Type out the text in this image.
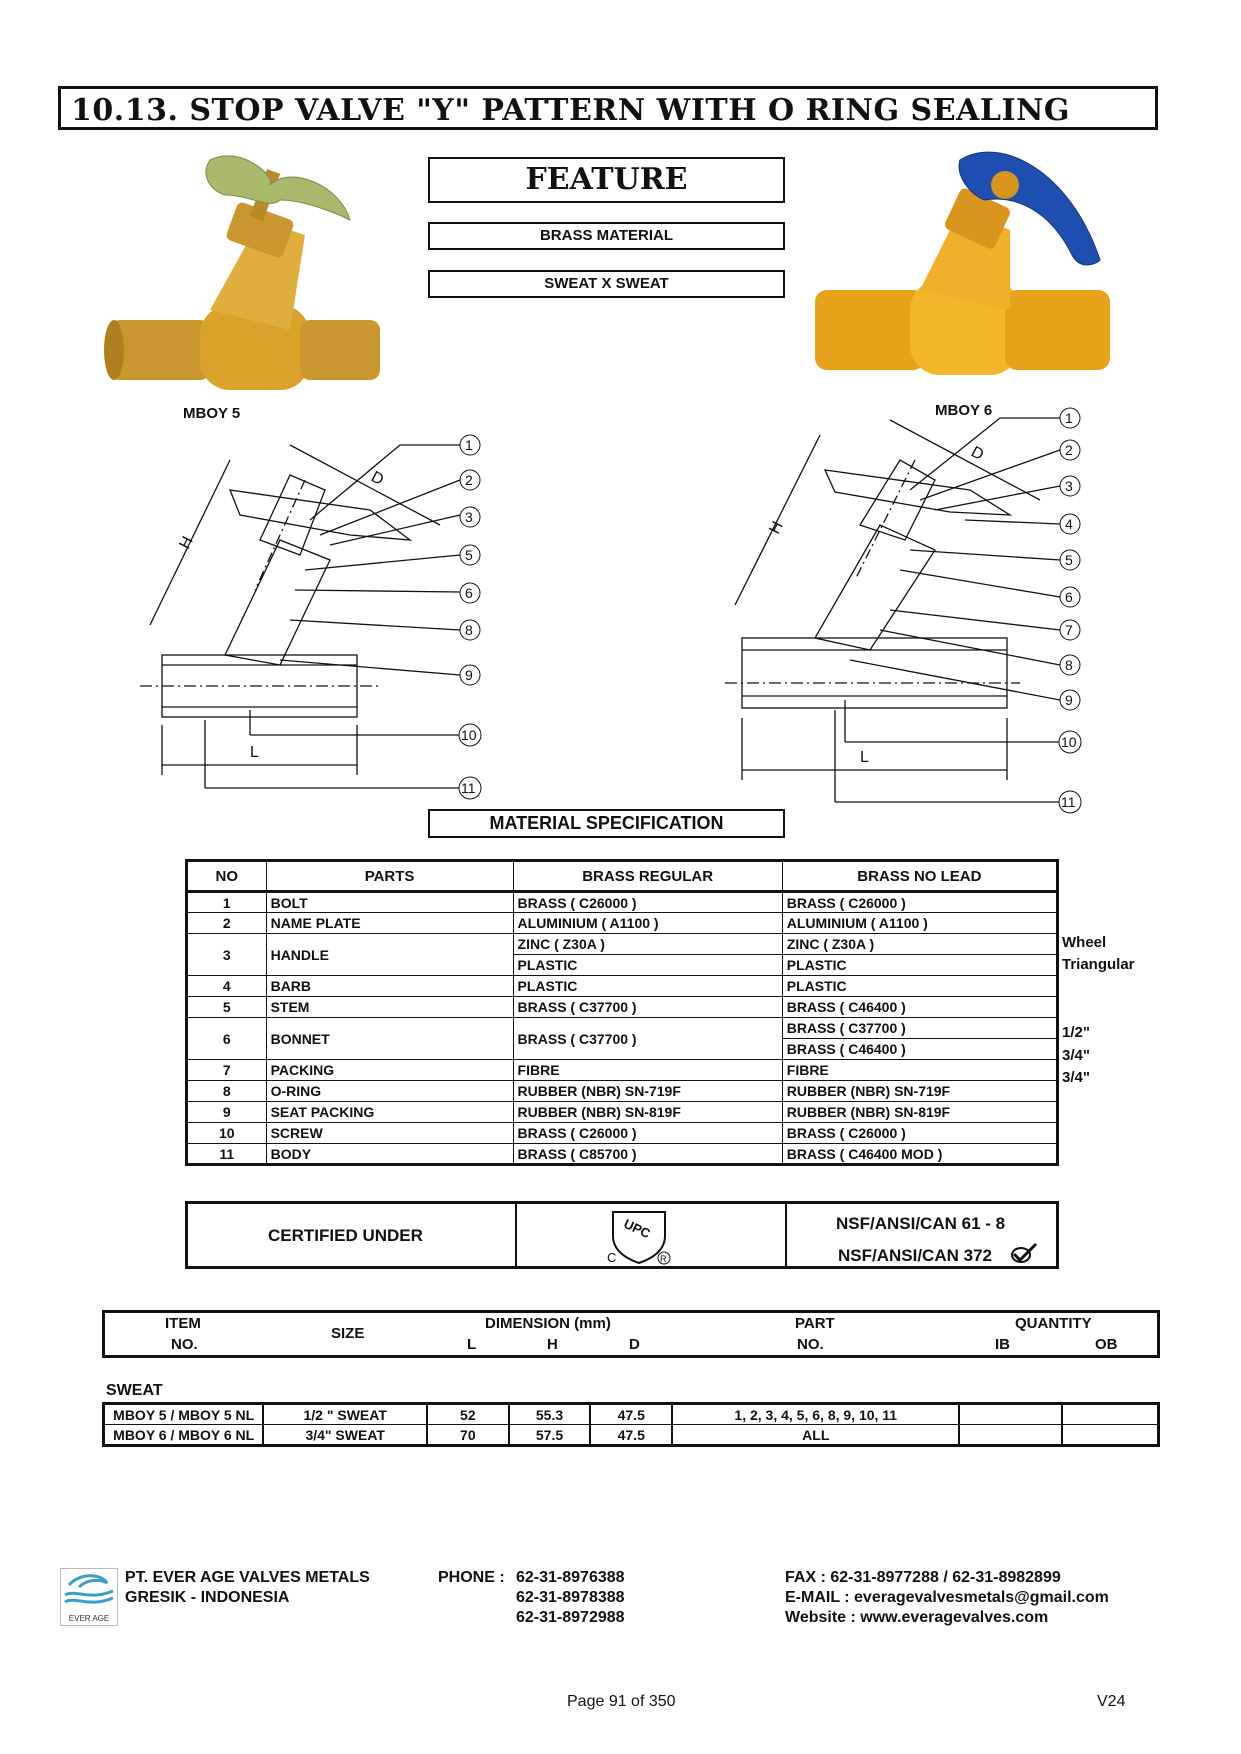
10.13. STOP VALVE "Y" PATTERN WITH O RING SEALING
FEATURE
BRASS MATERIAL
SWEAT X SWEAT
MBOY 5	MBOY 6
H
D
L
1
2
3
5
6
8
9
10
11
H
D
L
1
2
3
4
5
6
7
8
9
10
11
MATERIAL SPECIFICATION
NO	PARTS	BRASS REGULAR	BRASS NO LEAD
1	BOLT	BRASS ( C26000 )	BRASS ( C26000 )
2	NAME PLATE	ALUMINIUM ( A1100 )	ALUMINIUM ( A1100 )
3	HANDLE	ZINC ( Z30A )	ZINC ( Z30A )
		PLASTIC	PLASTIC
4	BARB	PLASTIC	PLASTIC
5	STEM	BRASS ( C37700 )	BRASS ( C46400 )
6	BONNET	BRASS ( C37700 )	BRASS ( C37700 )
			BRASS ( C46400 )
7	PACKING	FIBRE	FIBRE
8	O-RING	RUBBER (NBR) SN-719F	RUBBER (NBR) SN-719F
9	SEAT PACKING	RUBBER (NBR) SN-819F	RUBBER (NBR) SN-819F
10	SCREW	BRASS ( C26000 )	BRASS ( C26000 )
11	BODY	BRASS ( C85700 )	BRASS ( C46400 MOD )
Wheel
Triangular
1/2"
3/4"
3/4"
CERTIFIED UNDER	UPC
C	R
NSF/ANSI/CAN 61 - 8
NSF/ANSI/CAN 372
ITEM
NO.
SIZE
DIMENSION (mm)
L	H	D
PART
NO.
QUANTITY
IB	OB
SWEAT
MBOY 5 / MBOY 5 NL	1/2 " SWEAT	52	55.3	47.5	1, 2, 3, 4, 5, 6, 8, 9, 10, 11		
MBOY 6 / MBOY 6 NL	3/4" SWEAT	70	57.5	47.5	ALL		
EVER AGE
PT. EVER AGE VALVES METALS
GRESIK - INDONESIA
PHONE : 62-31-8976388
62-31-8978388
62-31-8972988
FAX : 62-31-8977288 / 62-31-8982899
E-MAIL : everagevalvesmetals@gmail.com
Website : www.everagevalves.com
Page 91 of 350	V24
